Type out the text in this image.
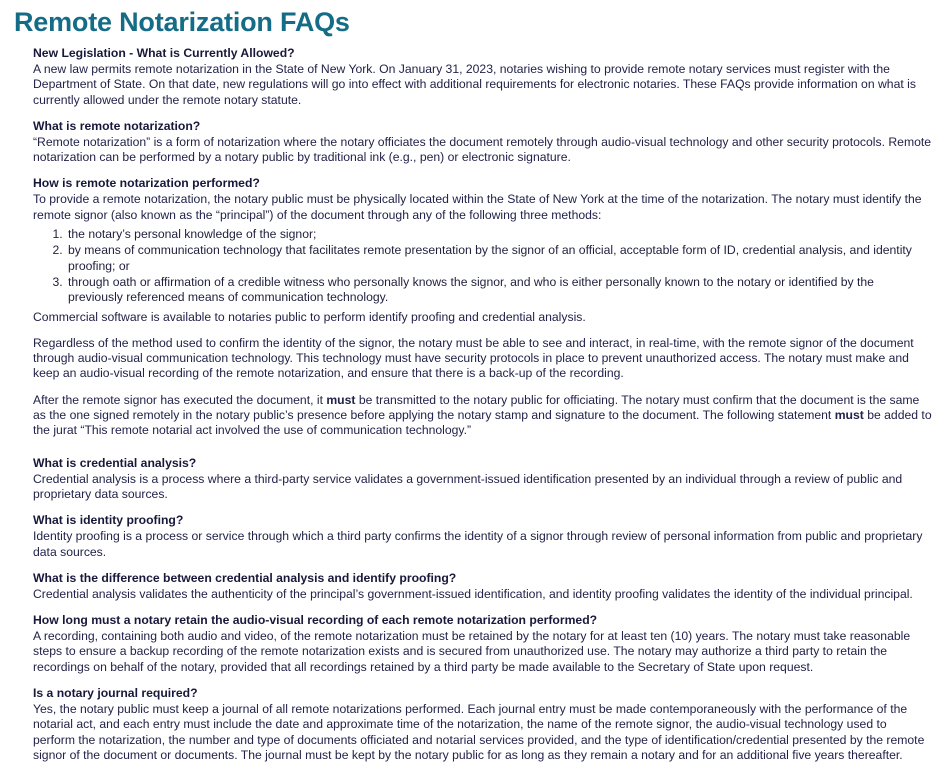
Remote Notarization FAQs
New Legislation - What is Currently Allowed?

A new law permits remote notarization in the State of New York. On January 31, 2023, notaries wishing to provide remote notary services must register with the Department of State. On that date, new regulations will go into effect with additional requirements for electronic notaries. These FAQs provide information on what is currently allowed under the remote notary statute.

What is remote notarization?

“Remote notarization” is a form of notarization where the notary officiates the document remotely through audio-visual technology and other security protocols. Remote notarization can be performed by a notary public by traditional ink (e.g., pen) or electronic signature.

How is remote notarization performed?

To provide a remote notarization, the notary public must be physically located within the State of New York at the time of the notarization. The notary must identify the remote signor (also known as the “principal”) of the document through any of the following three methods:

1. the notary’s personal knowledge of the signor;
2. by means of communication technology that facilitates remote presentation by the signor of an official, acceptable form of ID, credential analysis, and identity proofing; or
3. through oath or affirmation of a credible witness who personally knows the signor, and who is either personally known to the notary or identified by the previously referenced means of communication technology.

Commercial software is available to notaries public to perform identify proofing and credential analysis.

Regardless of the method used to confirm the identity of the signor, the notary must be able to see and interact, in real-time, with the remote signor of the document through audio-visual communication technology. This technology must have security protocols in place to prevent unauthorized access. The notary must make and keep an audio-visual recording of the remote notarization, and ensure that there is a back-up of the recording.

After the remote signor has executed the document, it must be transmitted to the notary public for officiating. The notary must confirm that the document is the same as the one signed remotely in the notary public’s presence before applying the notary stamp and signature to the document. The following statement must be added to the jurat “This remote notarial act involved the use of communication technology.”

What is credential analysis?

Credential analysis is a process where a third-party service validates a government-issued identification presented by an individual through a review of public and proprietary data sources.

What is identity proofing?

Identity proofing is a process or service through which a third party confirms the identity of a signor through review of personal information from public and proprietary data sources.

What is the difference between credential analysis and identify proofing?

Credential analysis validates the authenticity of the principal’s government-issued identification, and identity proofing validates the identity of the individual principal.

How long must a notary retain the audio-visual recording of each remote notarization performed?

A recording, containing both audio and video, of the remote notarization must be retained by the notary for at least ten (10) years. The notary must take reasonable steps to ensure a backup recording of the remote notarization exists and is secured from unauthorized use. The notary may authorize a third party to retain the recordings on behalf of the notary, provided that all recordings retained by a third party be made available to the Secretary of State upon request.

Is a notary journal required?

Yes, the notary public must keep a journal of all remote notarizations performed. Each journal entry must be made contemporaneously with the performance of the notarial act, and each entry must include the date and approximate time of the notarization, the name of the remote signor, the audio-visual technology used to perform the notarization, the number and type of documents officiated and notarial services provided, and the type of identification/credential presented by the remote signor of the document or documents. The journal must be kept by the notary public for as long as they remain a notary and for an additional five years thereafter.
